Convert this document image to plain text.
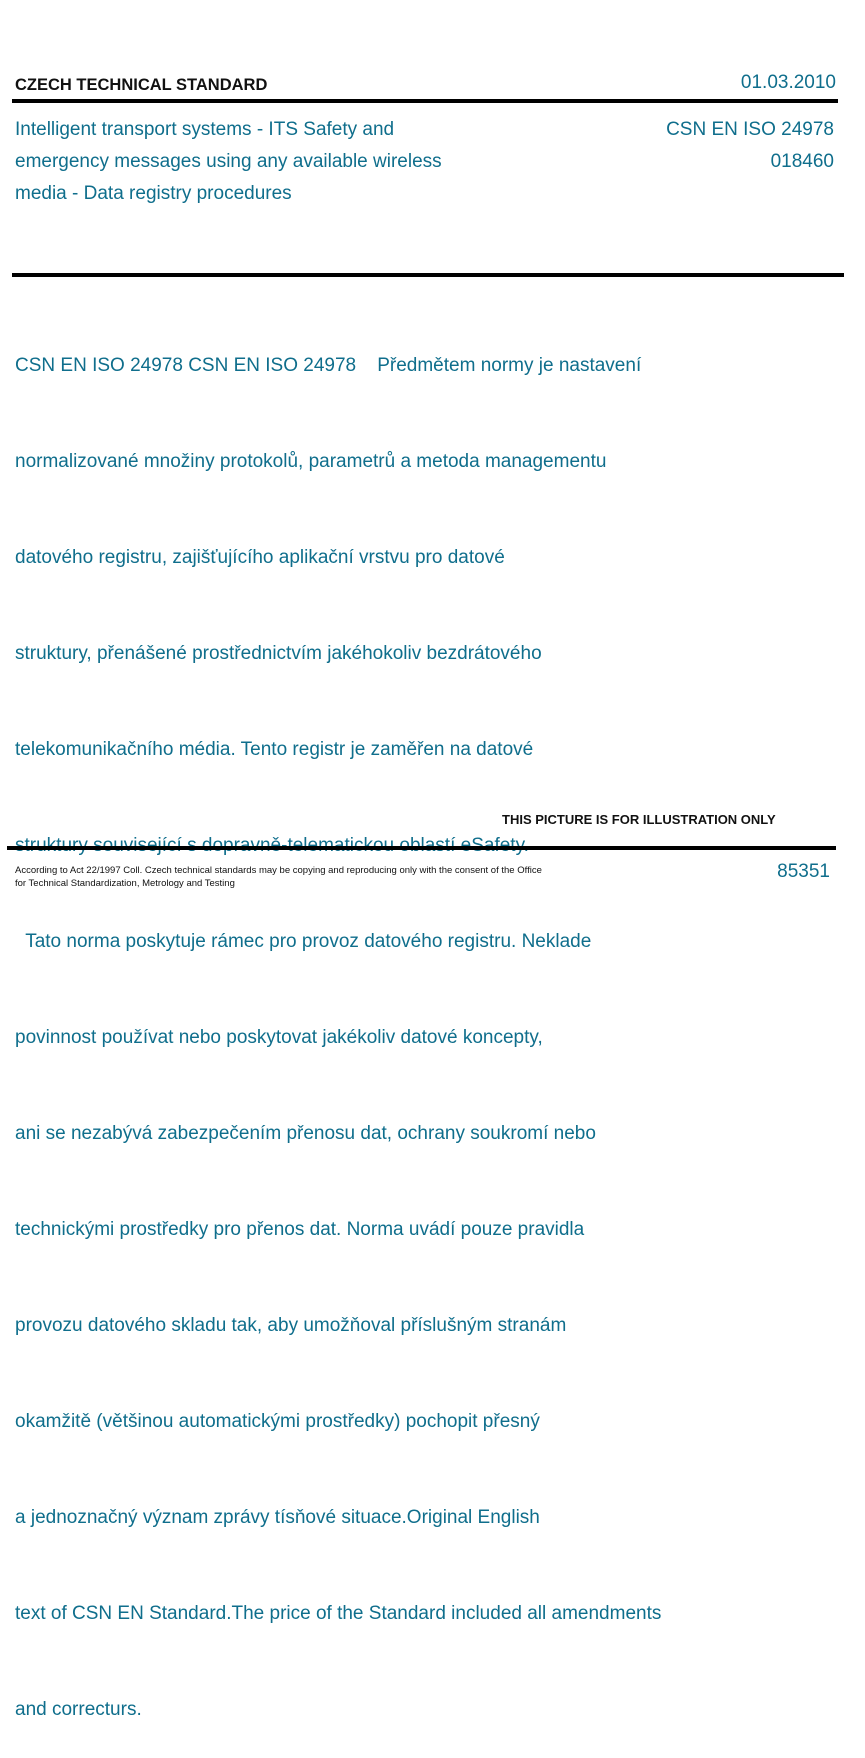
CZECH TECHNICAL STANDARD	01.03.2010
Intelligent transport systems - ITS Safety and
emergency messages using any available wireless
media - Data registry procedures
CSN EN ISO 24978
018460

CSN EN ISO 24978 CSN EN ISO 24978    Předmětem normy je nastavení

normalizované množiny protokolů, parametrů a metoda managementu

datového registru, zajišťujícího aplikační vrstvu pro datové

struktury, přenášené prostřednictvím jakéhokoliv bezdrátového

telekomunikačního média. Tento registr je zaměřen na datové

Tato norma poskytuje rámec pro provoz datového registru. Neklade

povinnost používat nebo poskytovat jakékoliv datové koncepty,

ani se nezabývá zabezpečením přenosu dat, ochrany soukromí nebo

technickými prostředky pro přenos dat. Norma uvádí pouze pravidla

provozu datového skladu tak, aby umožňoval příslušným stranám

okamžitě (většinou automatickými prostředky) pochopit přesný

a jednoznačný význam zprávy tísňové situace.Original English

text of CSN EN Standard.The price of the Standard included all amendments

and correcturs.

THIS PICTURE IS FOR ILLUSTRATION ONLY
According to Act 22/1997 Coll. Czech technical standards may be copying and reproducing only with the consent of the Office
for Technical Standardization, Metrology and Testing
85351
